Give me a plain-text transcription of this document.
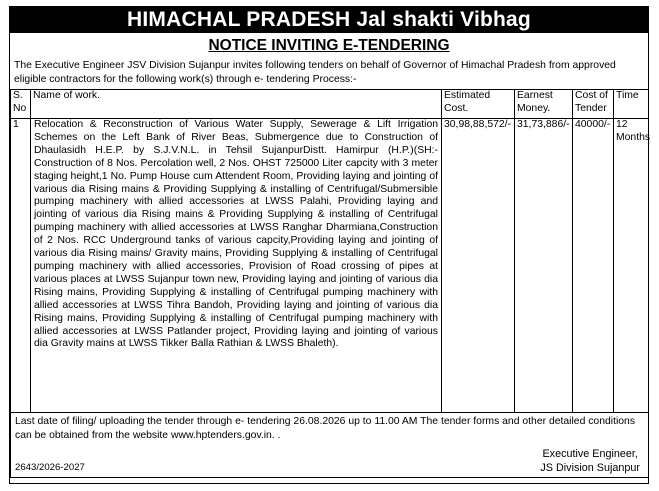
HIMACHAL PRADESH Jal shakti Vibhag
NOTICE INVITING E-TENDERING
The Executive Engineer JSV Division Sujanpur invites following tenders on behalf of Governor of Himachal Pradesh from approved eligible contractors for the following work(s) through e- tendering Process:-
S. No	Name of work.	Estimated Cost.	Earnest Money.	Cost of Tender	Time
1	Relocation & Reconstruction of Various Water Supply, Sewerage & Lift Irrigation Schemes on the Left Bank of River Beas, Submergence due to Construction of Dhaulasidh H.E.P. by S.J.V.N.L. in Tehsil SujanpurDistt. Hamirpur (H.P.)(SH:- Construction of 8 Nos. Percolation well, 2 Nos. OHST 725000 Liter capcity with 3 meter staging height,1 No. Pump House cum Attendent Room, Providing laying and jointing of various dia Rising mains & Providing Supplying & installing of Centrifugal/Submersible pumping machinery with allied accessories at LWSS Palahi, Providing laying and jointing of various dia Rising mains & Providing Supplying & installing of Centrifugal pumping machinery with allied accessories at LWSS Ranghar Dharmiana,Construction of 2 Nos. RCC Underground tanks of various capcity,Providing laying and jointing of various dia Rising mains/ Gravity mains, Providing Supplying & installing of Centrifugal pumping machinery with allied accessories, Provision of Road crossing of pipes at various places at LWSS Sujanpur town new, Providing laying and jointing of various dia Rising mains, Providing Supplying & installing of Centrifugal pumping machinery with allied accessories at LWSS Tihra Bandoh, Providing laying and jointing of various dia Rising mains, Providing Supplying & installing of Centrifugal pumping machinery with allied accessories at LWSS Patlander project, Providing laying and jointing of various dia Gravity mains at LWSS Tikker Balla Rathian & LWSS Bhaleth).	30,98,88,572/-	31,73,886/-	40000/-	12 Months

Last date of filing/ uploading the tender through e- tendering 26.08.2026 up to 11.00 AM The tender forms and other detailed conditions can be obtained from the website www.hptenders.gov.in. .
2643/2026-2027
Executive Engineer,
JS Division Sujanpur					
